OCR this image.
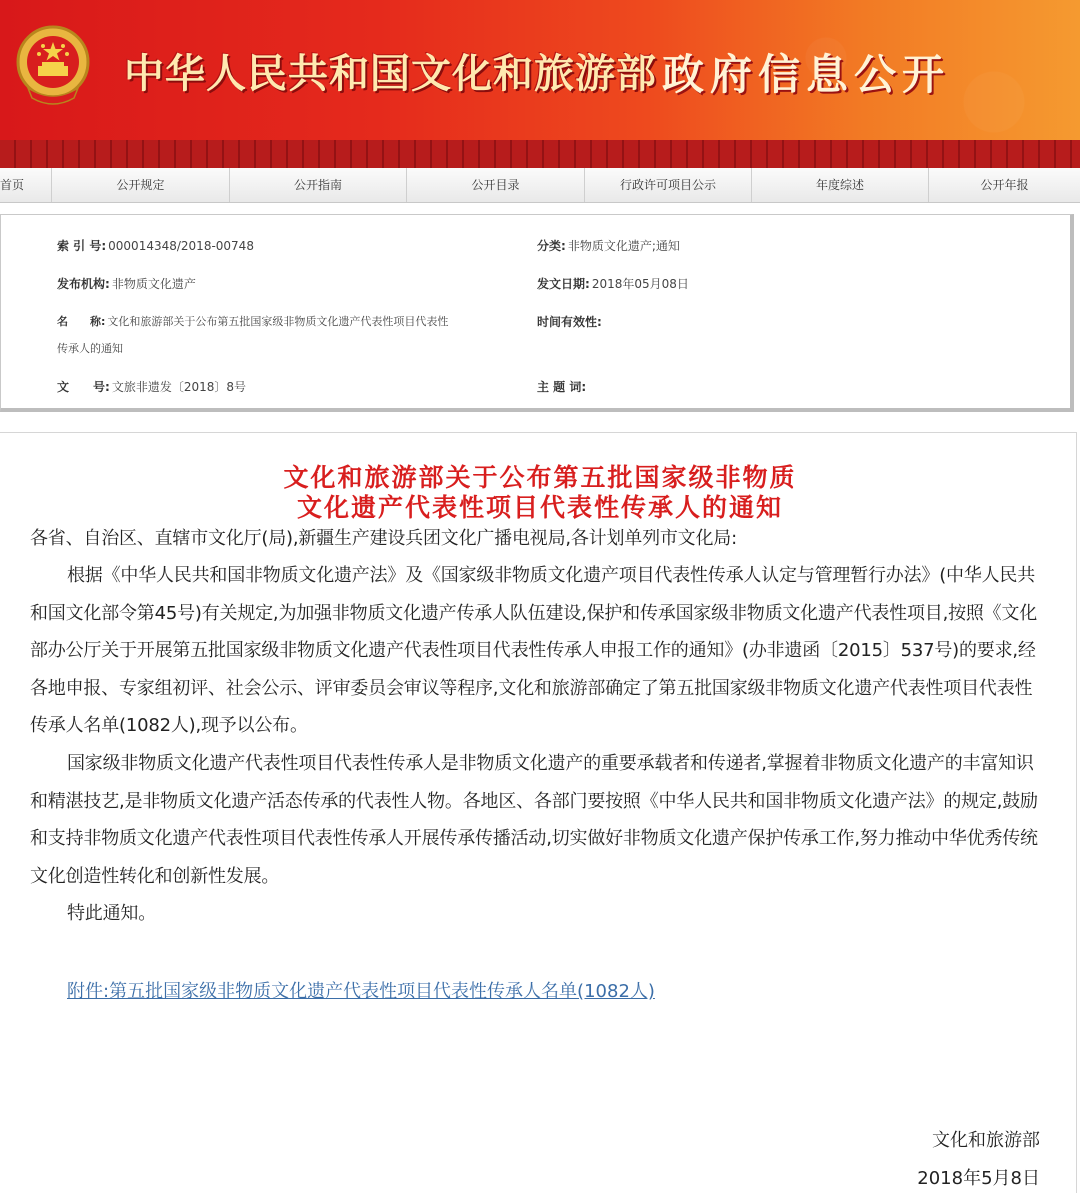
中华人民共和国文化和旅游部 政府信息公开
首页	公开规定	公开指南	公开目录	行政许可项目公示	年度综述	公开年报
索 引 号: 000014348/2018-00748	分类: 非物质文化遗产;通知
发布机构: 非物质文化遗产	发文日期: 2018年05月08日
名　　称: 文化和旅游部关于公布第五批国家级非物质文化遗产代表性项目代表性
传承人的通知
时间有效性:
文　　号: 文旅非遗发〔2018〕8号	主 题 词:
文化和旅游部关于公布第五批国家级非物质
文化遗产代表性项目代表性传承人的通知

各省、自治区、直辖市文化厅(局),新疆生产建设兵团文化广播电视局,各计划单列市文化局:

根据《中华人民共和国非物质文化遗产法》及《国家级非物质文化遗产项目代表性传承人认定与管理暂行办法》(中华人民共和国文化部令第45号)有关规定,为加强非物质文化遗产传承人队伍建设,保护和传承国家级非物质文化遗产代表性项目,按照《文化部办公厅关于开展第五批国家级非物质文化遗产代表性项目代表性传承人申报工作的通知》(办非遗函〔2015〕537号)的要求,经各地申报、专家组初评、社会公示、评审委员会审议等程序,文化和旅游部确定了第五批国家级非物质文化遗产代表性项目代表性传承人名单(1082人),现予以公布。

国家级非物质文化遗产代表性项目代表性传承人是非物质文化遗产的重要承载者和传递者,掌握着非物质文化遗产的丰富知识和精湛技艺,是非物质文化遗产活态传承的代表性人物。各地区、各部门要按照《中华人民共和国非物质文化遗产法》的规定,鼓励和支持非物质文化遗产代表性项目代表性传承人开展传承传播活动,切实做好非物质文化遗产保护传承工作,努力推动中华优秀传统文化创造性转化和创新性发展。

特此通知。

附件:第五批国家级非物质文化遗产代表性项目代表性传承人名单(1082人)
文化和旅游部
2018年5月8日
